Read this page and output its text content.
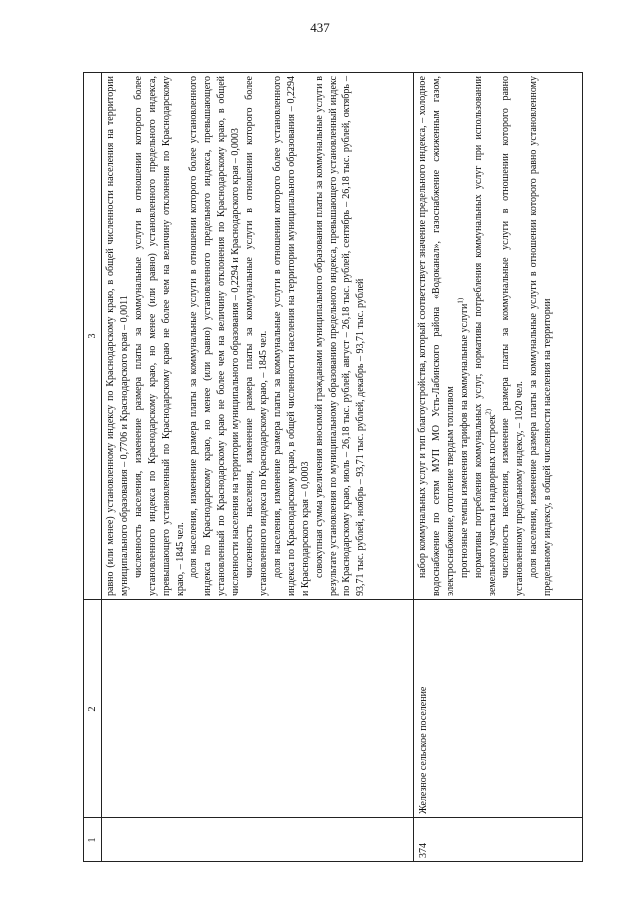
437
1
2
3 равно (или менее) установленному индексу по Краснодарскому краю, в общей численности населения на территории муниципального образования – 0,7706 и Краснодарского края – 0,0011 численность населения, изменение размера платы за коммунальные услуги в отношении которого более установленного индекса по Краснодарскому краю, но менее (или равно) установленного предельного индекса, превышающего установленный по Краснодарскому краю не более чем на величину отклонения по Краснодарскому краю, – 1845 чел. доля населения, изменение размера платы за коммунальные услуги в отношении которого более установленного индекса по Краснодарскому краю, но менее (или равно) установленного предельного индекса, превышающего установленный по Краснодарскому краю не более чем на величину отклонения по Краснодарскому краю, в общей численности населения на территории муниципального образования – 0,2294 и Краснодарского края – 0,0003 численность населения, изменение размера платы за коммунальные услуги в отношении которого более установленного индекса по Краснодарскому краю, – 1845 чел. доля населения, изменение размера платы за коммунальные услуги в отношении которого более установленного индекса по Краснодарскому краю, в общей численности населения на территории муниципального образования – 0,2294 и Краснодарского края – 0,0003 совокупная сумма увеличения вносимой гражданами муниципального образования платы за коммунальные услуги в результате установления по муниципальному образованию предельного индекса, превышающего установленный индекс по Краснодарскому краю, июль – 26,18 тыс. рублей, август – 26,18 тыс. рублей, сентябрь – 26,18 тыс. рублей, октябрь – 93,71 тыс. рублей, ноябрь – 93,71 тыс. рублей, декабрь – 93,71 тыс. рублей

374
Железное сельское поселение

набор коммунальных услуг и тип благоустройства, который соответствует значение предельного индекса, – холодное водоснабжение по сетям МУП МО Усть-Лабинского района «Водоканал», газоснабжение сжиженным газом, электроснабжение, отопление твердым топливом прогнозные темпы изменения тарифов на коммунальные услуги$^{1)}$ нормативы потребления коммунальных услуг, нормативы потребления коммунальных услуг при использовании земельного участка и надворных построек$^{2)}$ численность населения, изменение размера платы за коммунальные услуги в отношении которого равно установленному предельному индексу, – 1020 чел. доля населения, изменение размера платы за коммунальные услуги в отношении которого равно установленному предельному индексу, в общей численности населения на территории
